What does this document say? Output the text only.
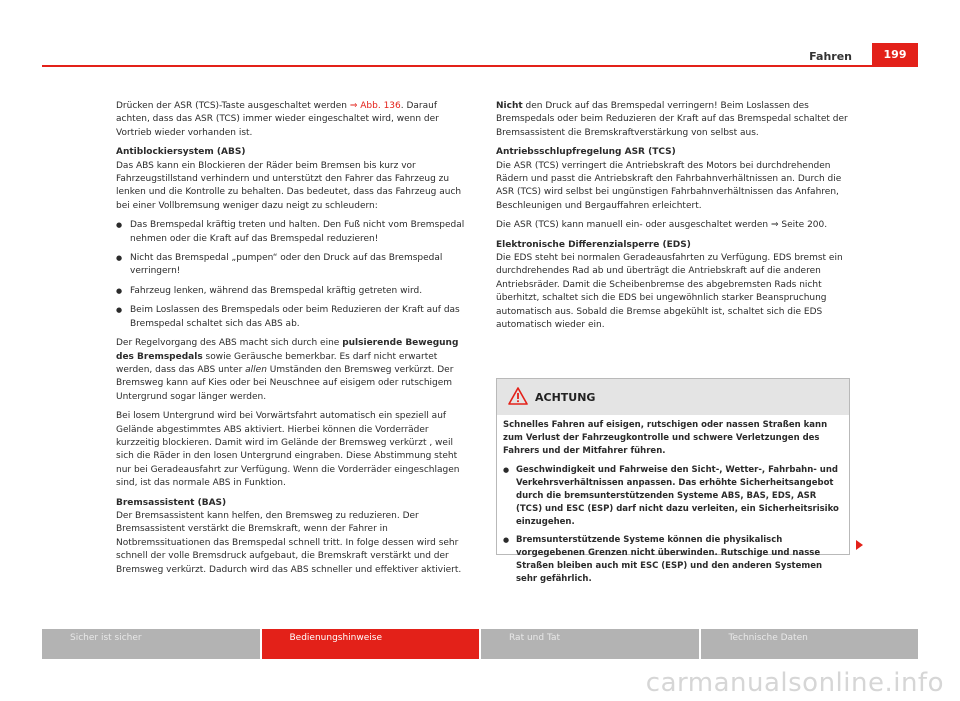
Fahren	199

Drücken der ASR (TCS)-Taste ausgeschaltet werden ⇒ Abb. 136. Darauf achten, dass das ASR (TCS) immer wieder eingeschaltet wird, wenn der Vortrieb wieder vorhanden ist.

Antiblockiersystem (ABS)

Das ABS kann ein Blockieren der Räder beim Bremsen bis kurz vor Fahrzeugstillstand verhindern und unterstützt den Fahrer das Fahrzeug zu lenken und die Kontrolle zu behalten. Das bedeutet, dass das Fahrzeug auch bei einer Vollbremsung weniger dazu neigt zu schleudern:

● Das Bremspedal kräftig treten und halten. Den Fuß nicht vom Bremspedal nehmen oder die Kraft auf das Bremspedal reduzieren!
● Nicht das Bremspedal „pumpen“ oder den Druck auf das Bremspedal verringern!
● Fahrzeug lenken, während das Bremspedal kräftig getreten wird.
● Beim Loslassen des Bremspedals oder beim Reduzieren der Kraft auf das Bremspedal schaltet sich das ABS ab.

Der Regelvorgang des ABS macht sich durch eine pulsierende Bewegung des Bremspedals sowie Geräusche bemerkbar. Es darf nicht erwartet werden, dass das ABS unter allen Umständen den Bremsweg verkürzt. Der Bremsweg kann auf Kies oder bei Neuschnee auf eisigem oder rutschigem Untergrund sogar länger werden.

Bei losem Untergrund wird bei Vorwärtsfahrt automatisch ein speziell auf Gelände abgestimmtes ABS aktiviert. Hierbei können die Vorderräder kurzzeitig blockieren. Damit wird im Gelände der Bremsweg verkürzt , weil sich die Räder in den losen Untergrund eingraben. Diese Abstimmung steht nur bei Geradeausfahrt zur Verfügung. Wenn die Vorderräder eingeschlagen sind, ist das normale ABS in Funktion.

Bremsassistent (BAS)

Der Bremsassistent kann helfen, den Bremsweg zu reduzieren. Der Bremsassistent verstärkt die Bremskraft, wenn der Fahrer in Notbremssituationen das Bremspedal schnell tritt. In folge dessen wird sehr schnell der volle Bremsdruck aufgebaut, die Bremskraft verstärkt und der Bremsweg verkürzt. Dadurch wird das ABS schneller und effektiver aktiviert.

Nicht den Druck auf das Bremspedal verringern! Beim Loslassen des Bremspedals oder beim Reduzieren der Kraft auf das Bremspedal schaltet der Bremsassistent die Bremskraftverstärkung von selbst aus.

Antriebsschlupfregelung ASR (TCS)

Die ASR (TCS) verringert die Antriebskraft des Motors bei durchdrehenden Rädern und passt die Antriebskraft den Fahrbahnverhältnissen an. Durch die ASR (TCS) wird selbst bei ungünstigen Fahrbahnverhältnissen das Anfahren, Beschleunigen und Bergauffahren erleichtert.

Die ASR (TCS) kann manuell ein- oder ausgeschaltet werden ⇒ Seite 200.

Elektronische Differenzialsperre (EDS)

Die EDS steht bei normalen Geradeausfahrten zu Verfügung. EDS bremst ein durchdrehendes Rad ab und überträgt die Antriebskraft auf die anderen Antriebsräder. Damit die Scheibenbremse des abgebremsten Rads nicht überhitzt, schaltet sich die EDS bei ungewöhnlich starker Beanspruchung automatisch aus. Sobald die Bremse abgekühlt ist, schaltet sich die EDS automatisch wieder ein.

ACHTUNG

Schnelles Fahren auf eisigen, rutschigen oder nassen Straßen kann zum Verlust der Fahrzeugkontrolle und schwere Verletzungen des Fahrers und der Mitfahrer führen.

● Geschwindigkeit und Fahrweise den Sicht-, Wetter-, Fahrbahn- und Verkehrsverhältnissen anpassen. Das erhöhte Sicherheitsangebot durch die bremsunterstützenden Systeme ABS, BAS, EDS, ASR (TCS) und ESC (ESP) darf nicht dazu verleiten, ein Sicherheitsrisiko einzugehen.
● Bremsunterstützende Systeme können die physikalisch vorgegebenen Grenzen nicht überwinden. Rutschige und nasse Straßen bleiben auch mit ESC (ESP) und den anderen Systemen sehr gefährlich.
Sicher ist sicher	Bedienungshinweise	Rat und Tat	Technische Daten
carmanualsonline.info
